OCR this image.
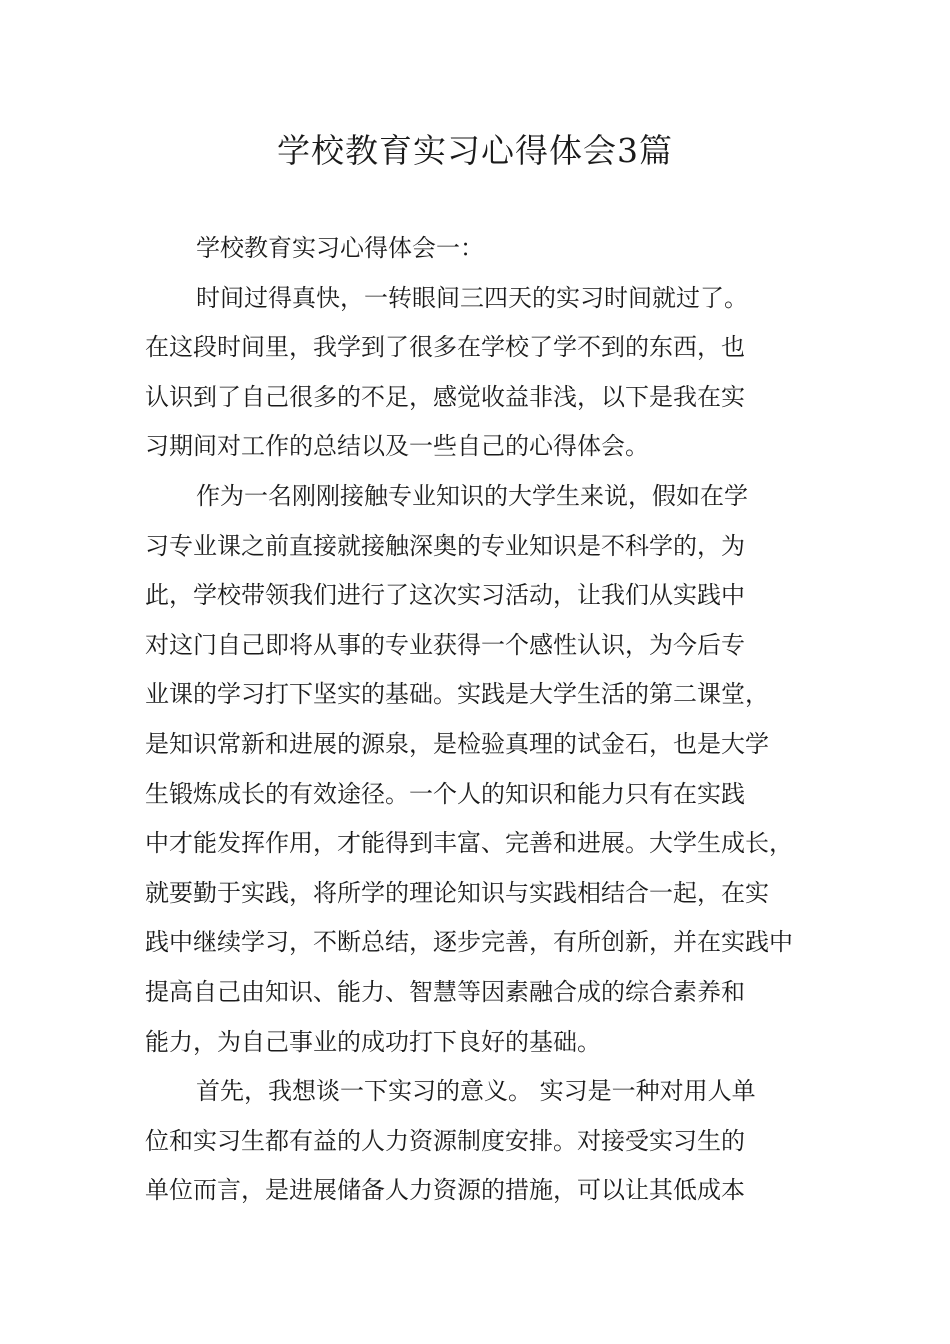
学校教育实习心得体会3篇
学校教育实习心得体会一：
时间过得真快，一转眼间三四天的实习时间就过了。
在这段时间里，我学到了很多在学校了学不到的东西，也
认识到了自己很多的不足，感觉收益非浅，以下是我在实
习期间对工作的总结以及一些自己的心得体会。
作为一名刚刚接触专业知识的大学生来说，假如在学
习专业课之前直接就接触深奥的专业知识是不科学的，为
此，学校带领我们进行了这次实习活动，让我们从实践中
对这门自己即将从事的专业获得一个感性认识，为今后专
业课的学习打下坚实的基础。实践是大学生活的第二课堂，
是知识常新和进展的源泉，是检验真理的试金石，也是大学
生锻炼成长的有效途径。一个人的知识和能力只有在实践
中才能发挥作用，才能得到丰富、完善和进展。大学生成长，
就要勤于实践，将所学的理论知识与实践相结合一起，在实
践中继续学习，不断总结，逐步完善，有所创新，并在实践中
提高自己由知识、能力、智慧等因素融合成的综合素养和
能力，为自己事业的成功打下良好的基础。
首先，我想谈一下实习的意义。 实习是一种对用人单
位和实习生都有益的人力资源制度安排。对接受实习生的
单位而言，是进展储备人力资源的措施，可以让其低成本
